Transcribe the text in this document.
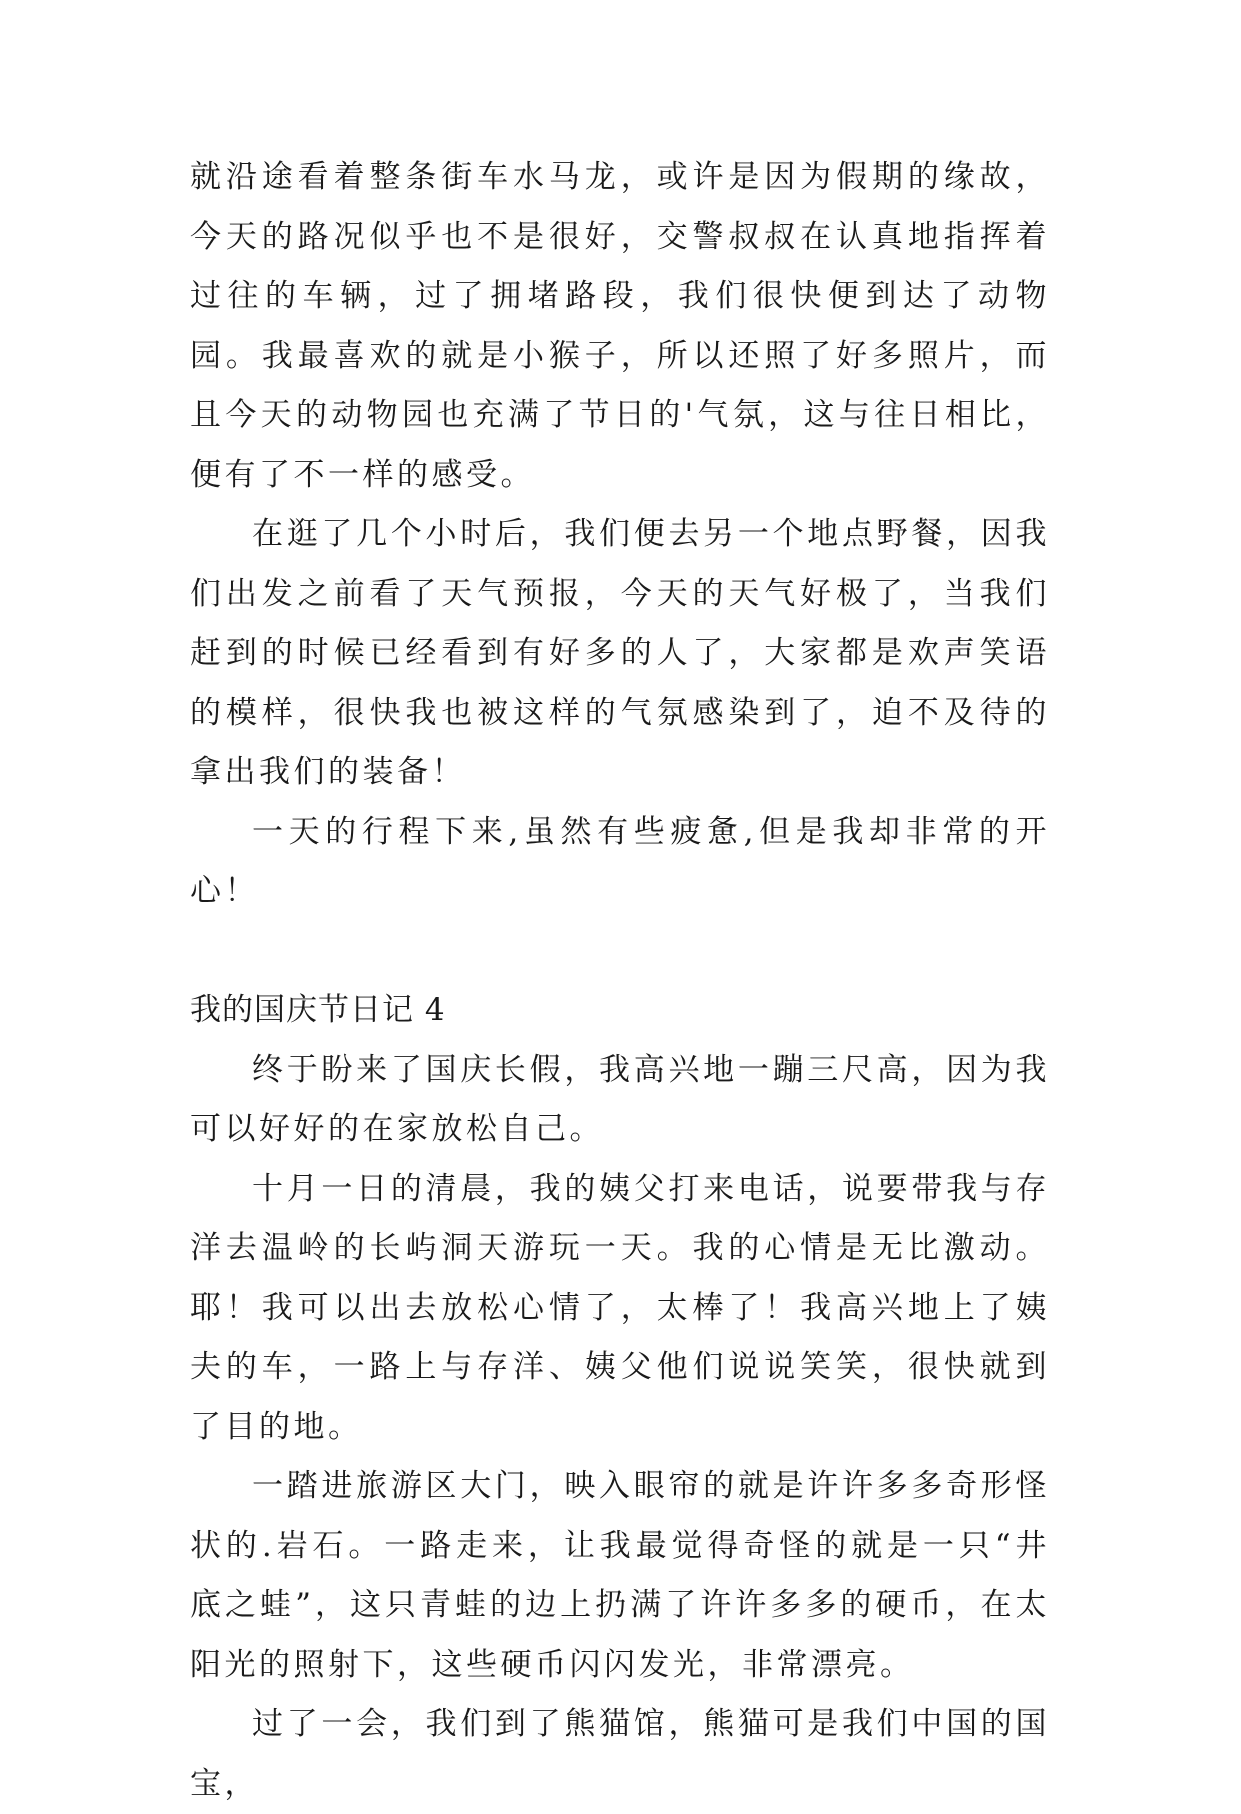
就沿途看着整条街车水马龙，或许是因为假期的缘故，今天的路况似乎也不是很好，交警叔叔在认真地指挥着过往的车辆，过了拥堵路段，我们很快便到达了动物园。我最喜欢的就是小猴子，所以还照了好多照片，而且今天的动物园也充满了节日的'气氛，这与往日相比，便有了不一样的感受。

在逛了几个小时后，我们便去另一个地点野餐，因我们出发之前看了天气预报，今天的天气好极了，当我们赶到的时候已经看到有好多的人了，大家都是欢声笑语的模样，很快我也被这样的气氛感染到了，迫不及待的拿出我们的装备！

一天的行程下来,虽然有些疲惫,但是我却非常的开心！

我的国庆节日记 4

终于盼来了国庆长假，我高兴地一蹦三尺高，因为我可以好好的在家放松自己。

十月一日的清晨，我的姨父打来电话，说要带我与存洋去温岭的长屿洞天游玩一天。我的心情是无比激动。耶！我可以出去放松心情了，太棒了！我高兴地上了姨夫的车，一路上与存洋、姨父他们说说笑笑，很快就到了目的地。

一踏进旅游区大门，映入眼帘的就是许许多多奇形怪状的.岩石。一路走来，让我最觉得奇怪的就是一只“井底之蛙”，这只青蛙的边上扔满了许许多多的硬币，在太阳光的照射下，这些硬币闪闪发光，非常漂亮。

过了一会，我们到了熊猫馆，熊猫可是我们中国的国宝，
